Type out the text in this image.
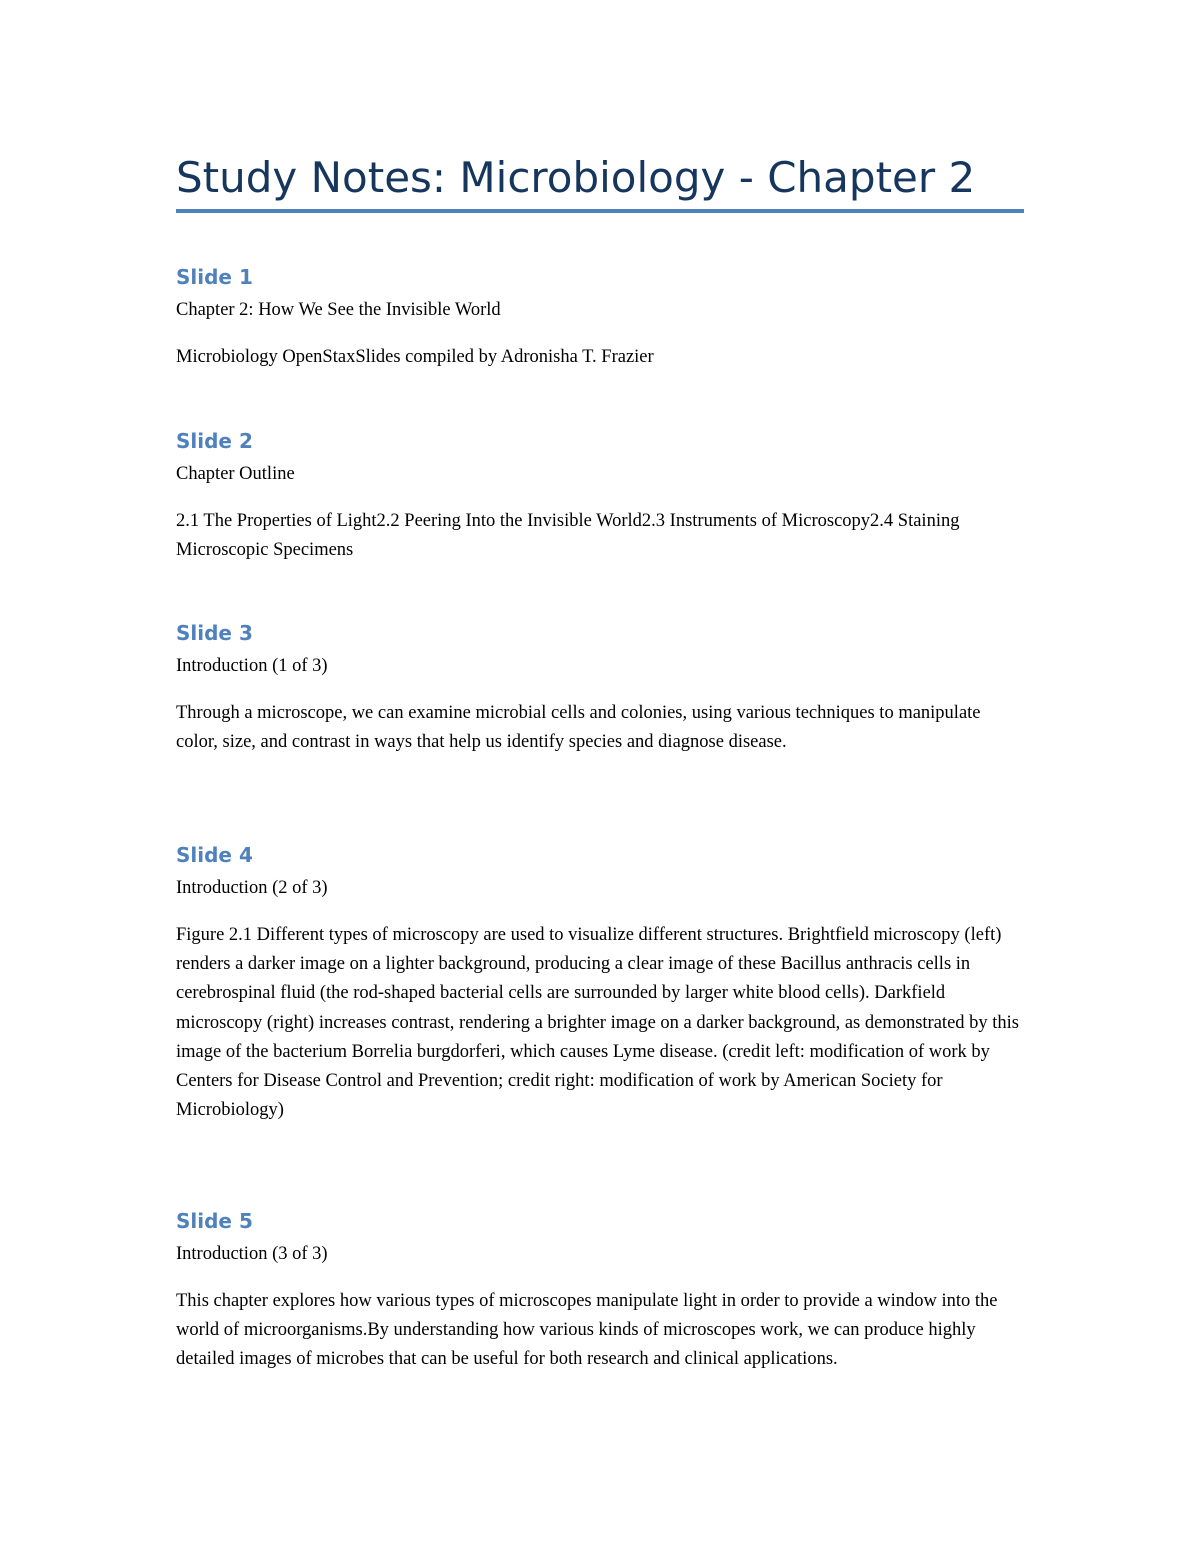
Study Notes: Microbiology - Chapter 2
Slide 1

Chapter 2: How We See the Invisible World

Microbiology OpenStaxSlides compiled by Adronisha T. Frazier

Slide 2

Chapter Outline

2.1 The Properties of Light2.2 Peering Into the Invisible World2.3 Instruments of Microscopy2.4 Staining Microscopic Specimens

Slide 3

Introduction (1 of 3)

Through a microscope, we can examine microbial cells and colonies, using various techniques to manipulate color, size, and contrast in ways that help us identify species and diagnose disease.

Slide 4

Introduction (2 of 3)

Figure 2.1 Different types of microscopy are used to visualize different structures. Brightfield microscopy (left) renders a darker image on a lighter background, producing a clear image of these Bacillus anthracis cells in cerebrospinal fluid (the rod-shaped bacterial cells are surrounded by larger white blood cells). Darkfield microscopy (right) increases contrast, rendering a brighter image on a darker background, as demonstrated by this image of the bacterium Borrelia burgdorferi, which causes Lyme disease. (credit left: modification of work by Centers for Disease Control and Prevention; credit right: modification of work by American Society for Microbiology)

Slide 5

Introduction (3 of 3)

This chapter explores how various types of microscopes manipulate light in order to provide a window into the world of microorganisms.By understanding how various kinds of microscopes work, we can produce highly detailed images of microbes that can be useful for both research and clinical applications.
